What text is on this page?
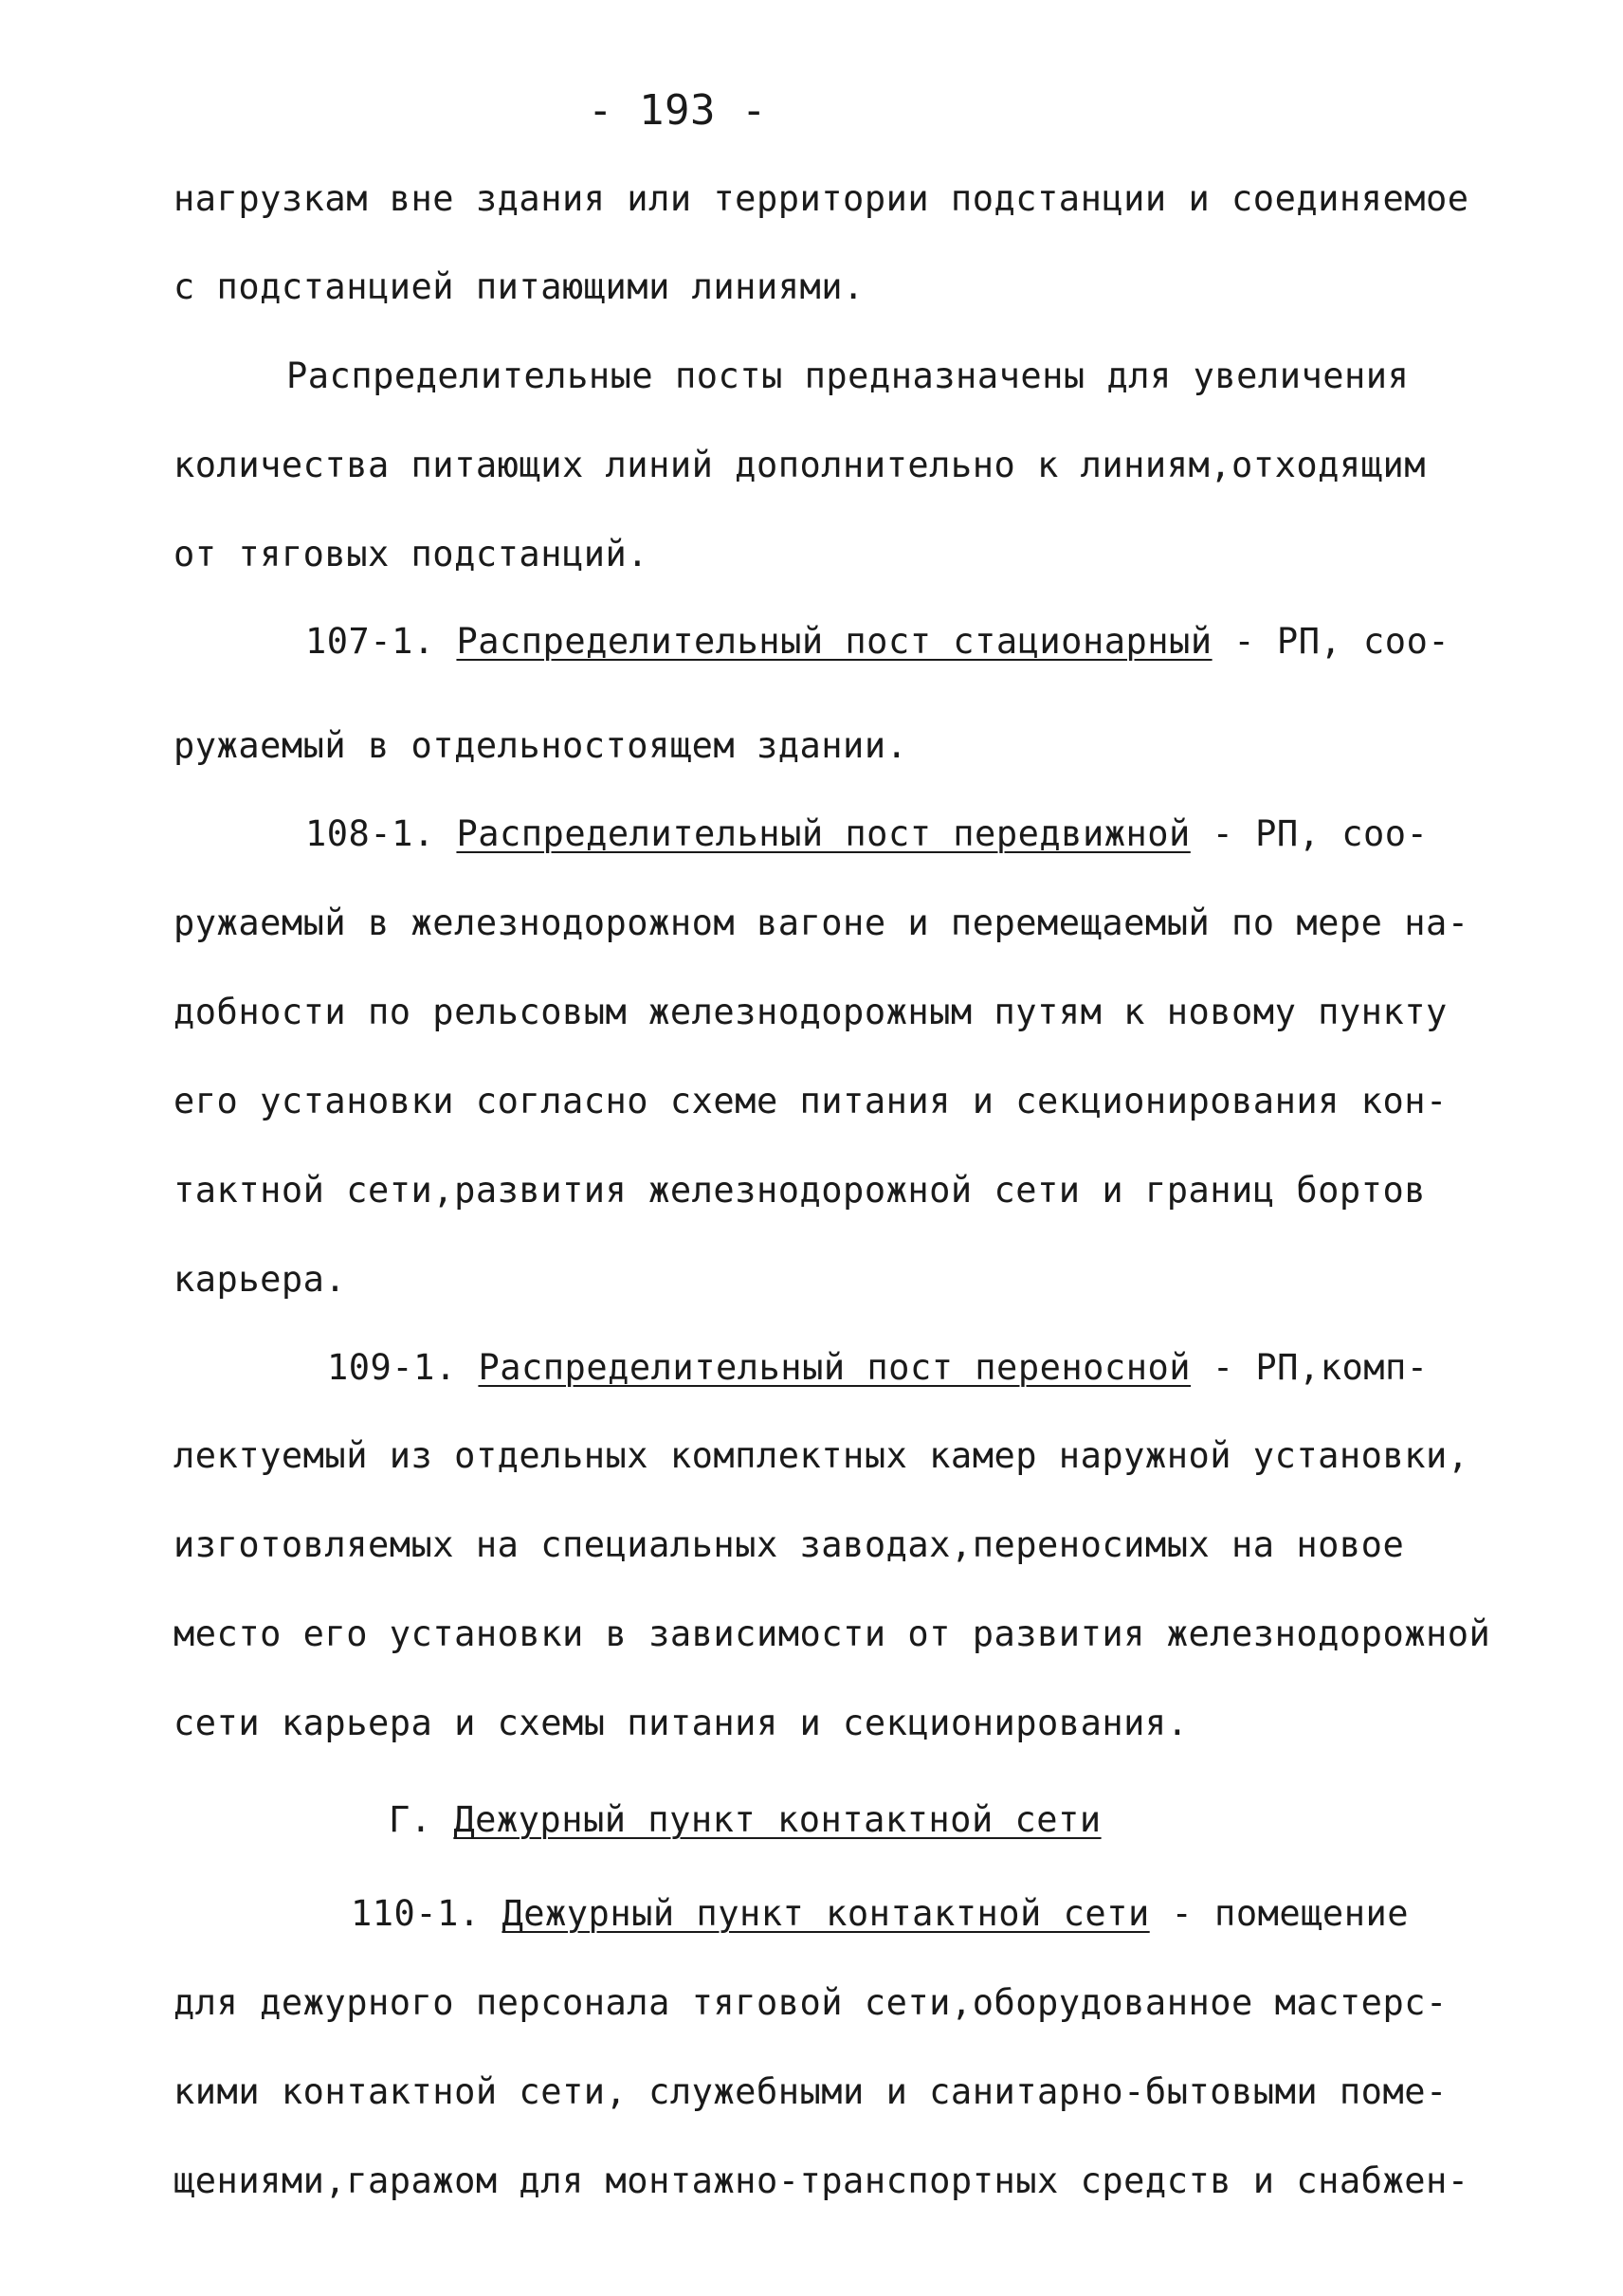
- 193 -
нагрузкам вне здания или территории подстанции и соединяемое
с подстанцией питающими линиями.
Распределительные посты предназначены для увеличения
количества питающих линий дополнительно к линиям,отходящим
от тяговых подстанций.
107-1. Распределительный пост стационарный - РП, соо-
ружаемый в отдельностоящем здании.
108-1. Распределительный пост передвижной - РП, соо-
ружаемый в железнодорожном вагоне и перемещаемый по мере на-
добности по рельсовым железнодорожным путям к новому пункту
его установки согласно схеме питания и секционирования кон-
тактной сети,развития железнодорожной сети и границ бортов
карьера.
109-1. Распределительный пост переносной - РП,комп-
лектуемый из отдельных комплектных камер наружной установки,
изготовляемых на специальных заводах,переносимых на новое
место его установки в зависимости от развития железнодорожной
сети карьера и схемы питания и секционирования.
Г. Дежурный пункт контактной сети
110-1. Дежурный пункт контактной сети - помещение
для дежурного персонала тяговой сети,оборудованное мастерс-
кими контактной сети, служебными и санитарно-бытовыми поме-
щениями,гаражом для монтажно-транспортных средств и снабжен-
